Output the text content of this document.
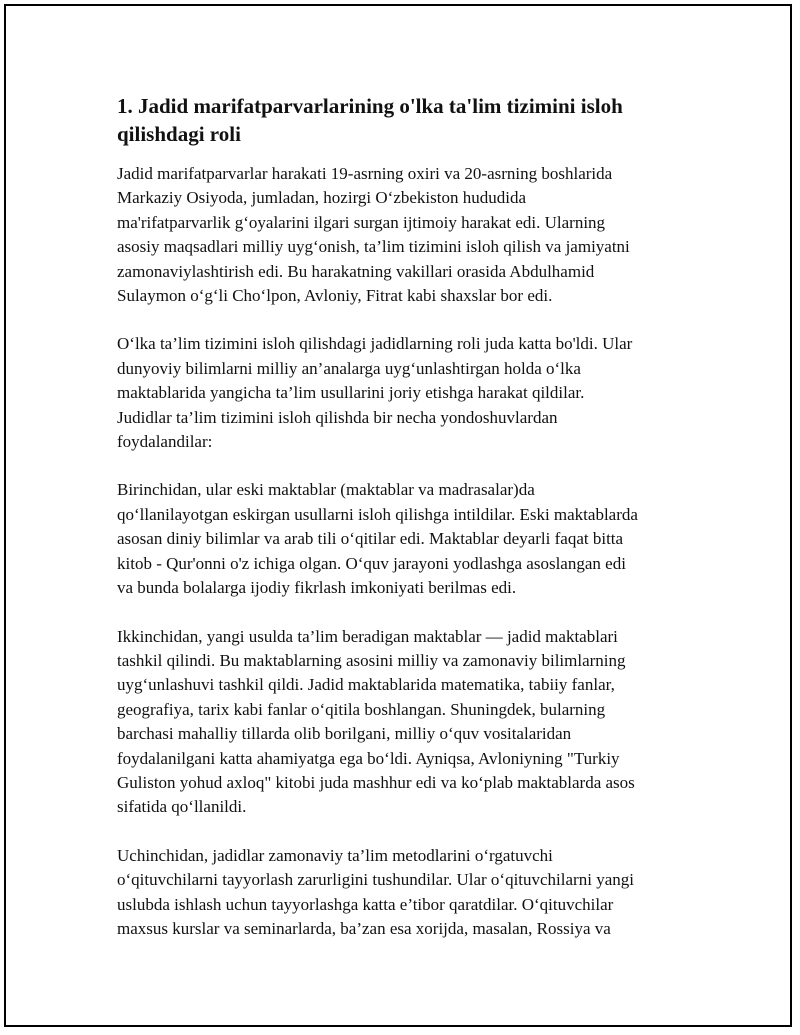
1. Jadid marifatparvarlarining o'lka ta'lim tizimini isloh
qilishdagi roli
Jadid marifatparvarlar harakati 19-asrning oxiri va 20-asrning boshlarida
Markaziy Osiyoda, jumladan, hozirgi O‘zbekiston hududida
ma'rifatparvarlik g‘oyalarini ilgari surgan ijtimoiy harakat edi. Ularning
asosiy maqsadlari milliy uyg‘onish, ta’lim tizimini isloh qilish va jamiyatni
zamonaviylashtirish edi. Bu harakatning vakillari orasida Abdulhamid
Sulaymon o‘g‘li Cho‘lpon, Avloniy, Fitrat kabi shaxslar bor edi.
O‘lka ta’lim tizimini isloh qilishdagi jadidlarning roli juda katta bo'ldi. Ular
dunyoviy bilimlarni milliy an’analarga uyg‘unlashtirgan holda o‘lka
maktablarida yangicha ta’lim usullarini joriy etishga harakat qildilar.
Judidlar ta’lim tizimini isloh qilishda bir necha yondoshuvlardan
foydalandilar:
Birinchidan, ular eski maktablar (maktablar va madrasalar)da
qo‘llanilayotgan eskirgan usullarni isloh qilishga intildilar. Eski maktablarda
asosan diniy bilimlar va arab tili o‘qitilar edi. Maktablar deyarli faqat bitta
kitob - Qur'onni o'z ichiga olgan. O‘quv jarayoni yodlashga asoslangan edi
va bunda bolalarga ijodiy fikrlash imkoniyati berilmas edi.
Ikkinchidan, yangi usulda ta’lim beradigan maktablar — jadid maktablari
tashkil qilindi. Bu maktablarning asosini milliy va zamonaviy bilimlarning
uyg‘unlashuvi tashkil qildi. Jadid maktablarida matematika, tabiiy fanlar,
geografiya, tarix kabi fanlar o‘qitila boshlangan. Shuningdek, bularning
barchasi mahalliy tillarda olib borilgani, milliy o‘quv vositalaridan
foydalanilgani katta ahamiyatga ega bo‘ldi. Ayniqsa, Avloniyning "Turkiy
Guliston yohud axloq" kitobi juda mashhur edi va ko‘plab maktablarda asos
sifatida qo‘llanildi.
Uchinchidan, jadidlar zamonaviy ta’lim metodlarini o‘rgatuvchi
o‘qituvchilarni tayyorlash zarurligini tushundilar. Ular o‘qituvchilarni yangi
uslubda ishlash uchun tayyorlashga katta e’tibor qaratdilar. O‘qituvchilar
maxsus kurslar va seminarlarda, ba’zan esa xorijda, masalan, Rossiya va
